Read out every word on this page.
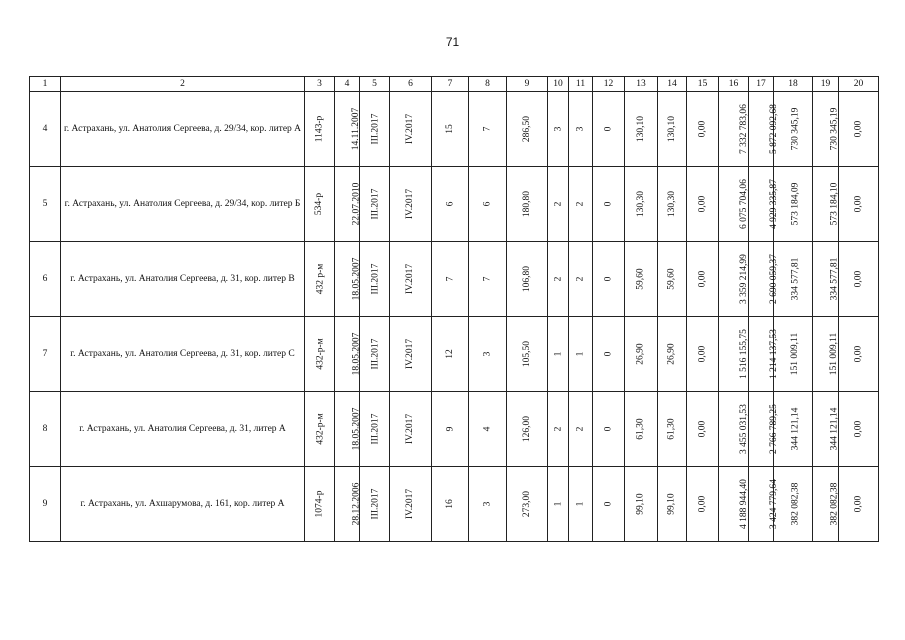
71
1	2	3	4	5	6	7	8	9	10	11	12	13	14	15	16	17	18	19	20
4	г. Астрахань, ул. Анатолия Сергеева, д. 29/34, кор. литер А	1143-р	14.11.2007	III.2017	IV.2017	15	7	286,50	3	3	0	130,10	130,10	0,00	7 332 783,06	5 872 092,68	730 345,19	730 345,19	0,00
5	г. Астрахань, ул. Анатолия Сергеева, д. 29/34, кор. литер Б	534-р	22.07.2010	III.2017	IV.2017	6	6	180,80	2	2	0	130,30	130,30	0,00	6 075 704,06	4 929 335,87	573 184,09	573 184,10	0,00
6	г. Астрахань, ул. Анатолия Сергеева, д. 31, кор. литер В	432 р-м	18.05.2007	III.2017	IV.2017	7	7	106,80	2	2	0	59,60	59,60	0,00	3 359 214,99	2 690 059,37	334 577,81	334 577,81	0,00
7	г. Астрахань, ул. Анатолия Сергеева, д. 31, кор. литер С	432-р-м	18.05.2007	III.2017	IV.2017	12	3	105,50	1	1	0	26,90	26,90	0,00	1 516 155,75	1 214 137,53	151 009,11	151 009,11	0,00
8	г. Астрахань, ул. Анатолия Сергеева, д. 31, литер А	432-р-м	18.05.2007	III.2017	IV.2017	9	4	126,00	2	2	0	61,30	61,30	0,00	3 455 031,53	2 766 789,25	344 121,14	344 121,14	0,00
9	г. Астрахань, ул. Ахшарумова, д. 161, кор. литер А	1074-р	28.12.2006	III.2017	IV.2017	16	3	273,00	1	1	0	99,10	99,10	0,00	4 188 944,40	3 424 779,64	382 082,38	382 082,38	0,00
